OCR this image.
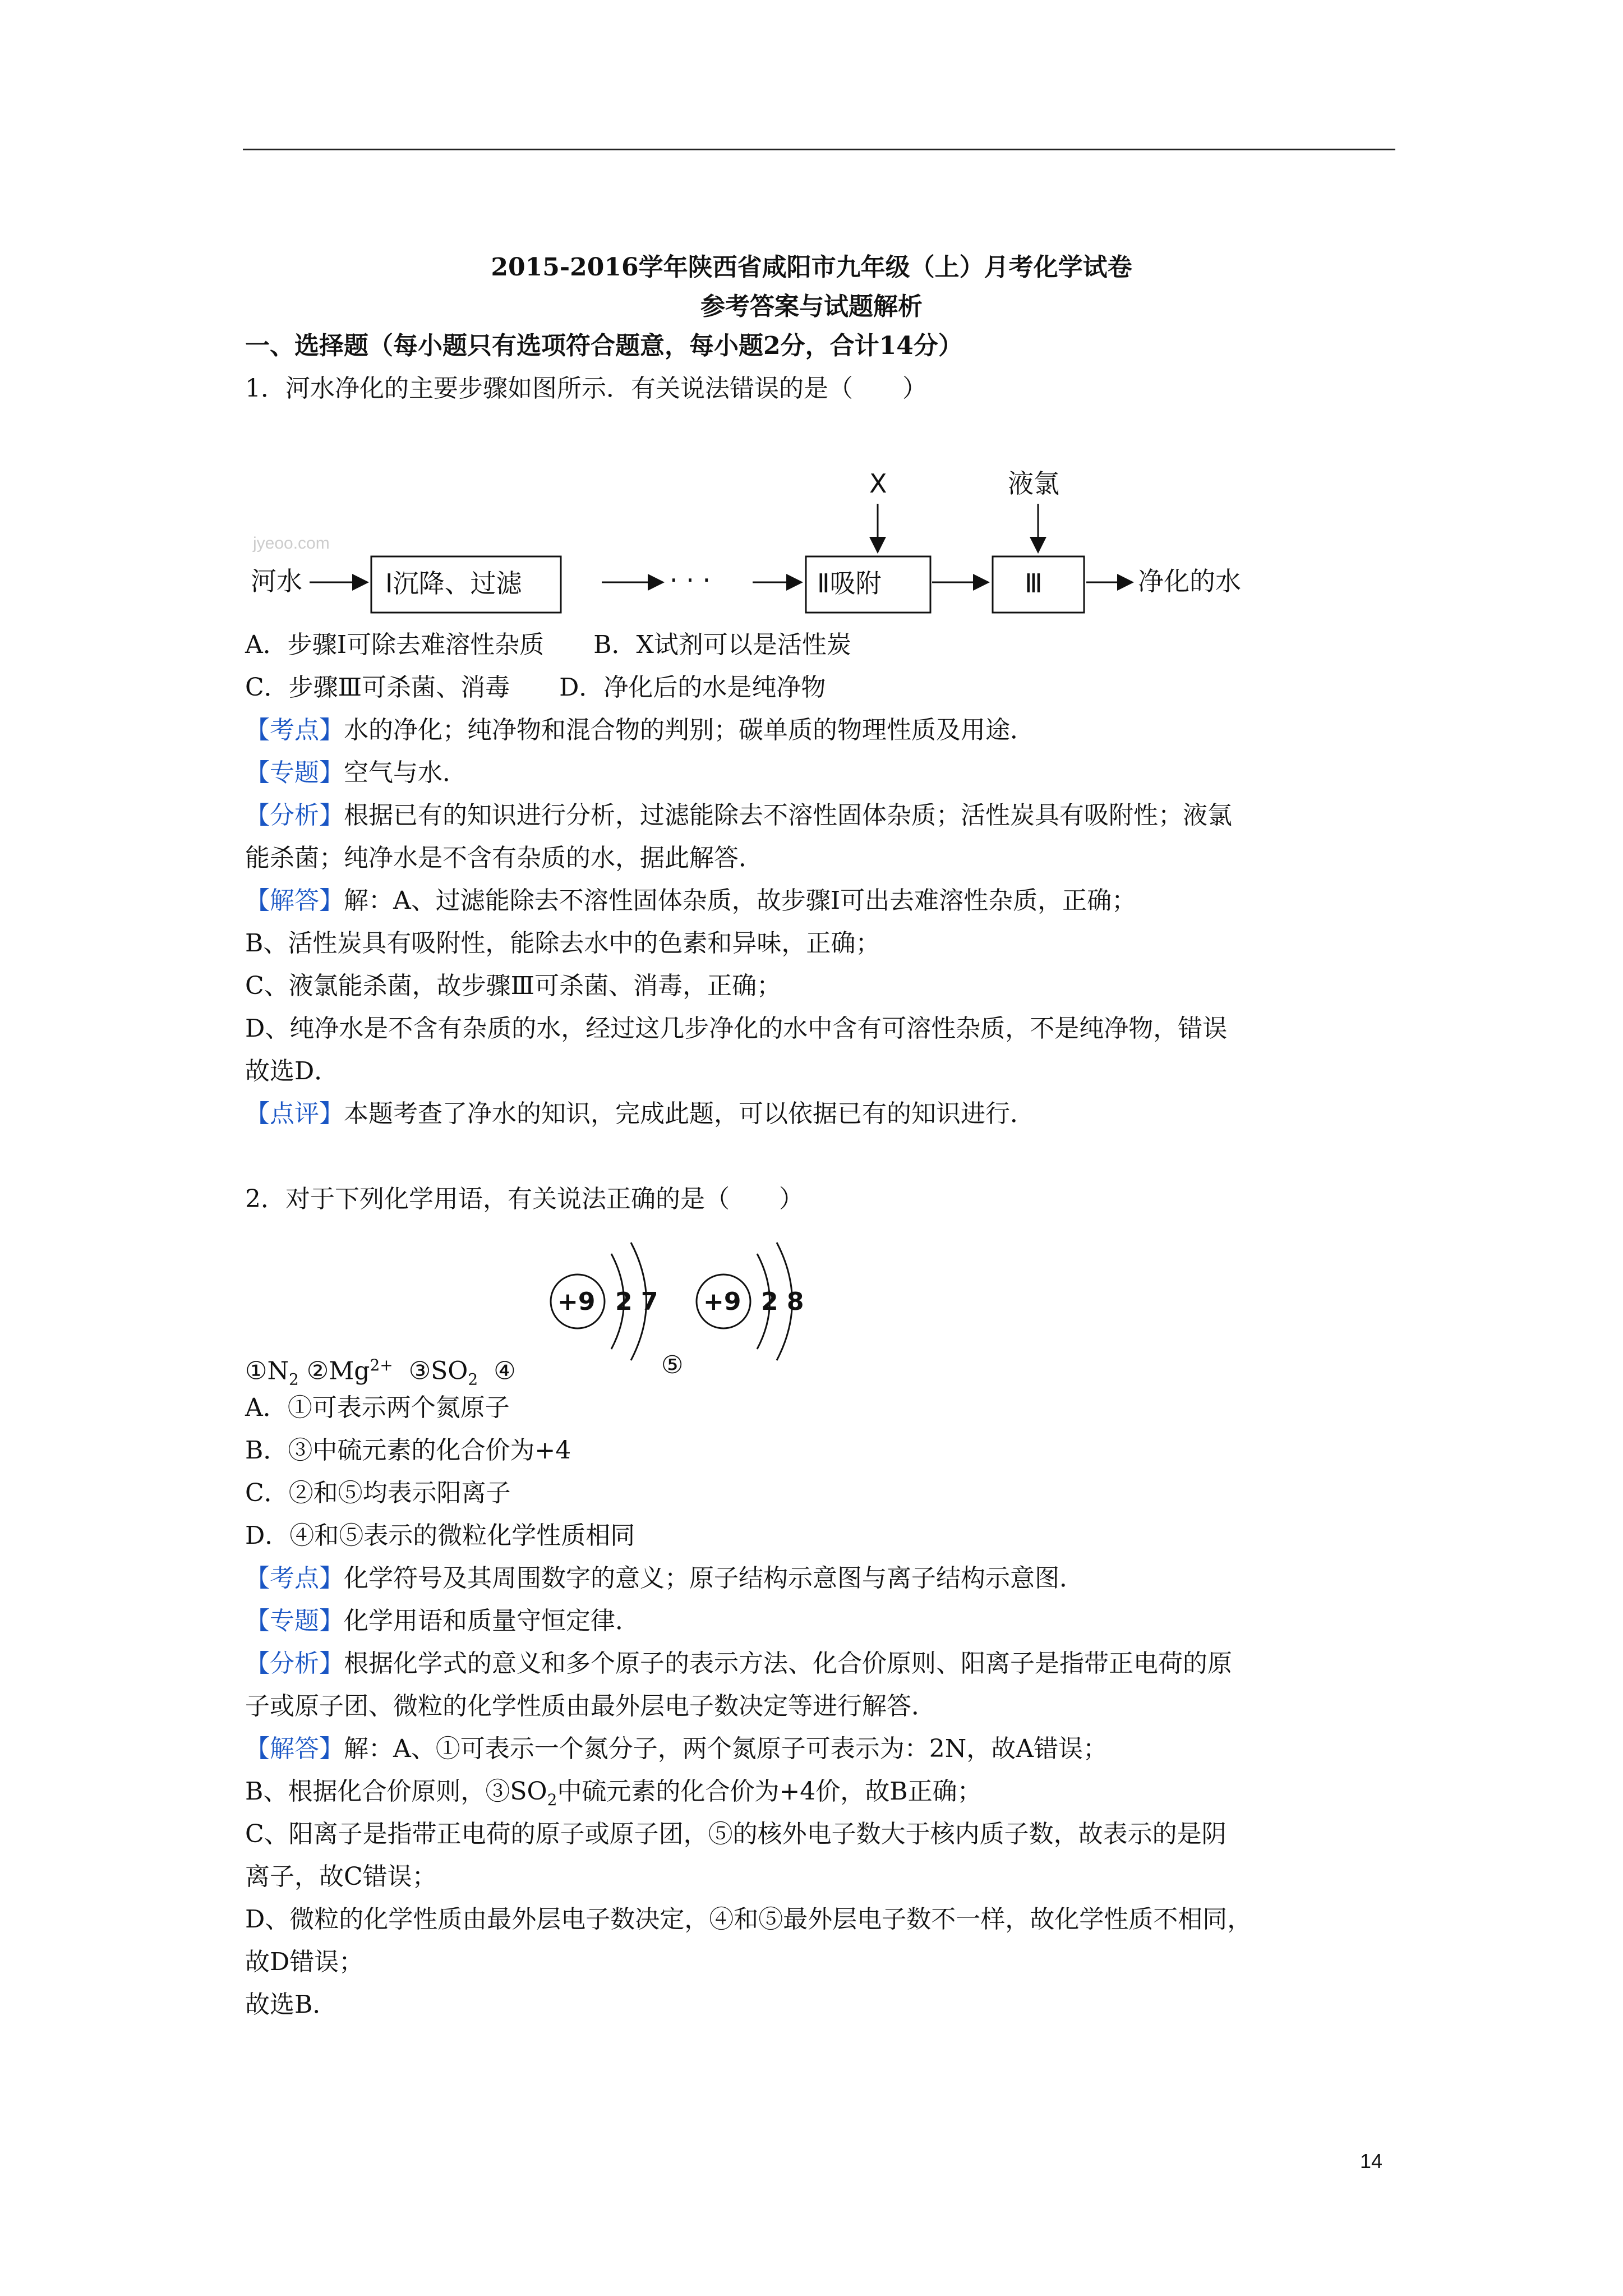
2015-2016学年陕西省咸阳市九年级（上）月考化学试卷
参考答案与试题解析
一、选择题（每小题只有选项符合题意，每小题2分，合计14分）
1．河水净化的主要步骤如图所示．有关说法错误的是（　　）
jyeoo.com
河水	Ⅰ沉降、过滤	· · ·	Ⅱ吸附
X
Ⅲ
液氯
净化的水
A．步骤Ⅰ可除去难溶性杂质　　B．X试剂可以是活性炭
C．步骤Ⅲ可杀菌、消毒　　D．净化后的水是纯净物
【考点】水的净化；纯净物和混合物的判别；碳单质的物理性质及用途．
【专题】空气与水．
【分析】根据已有的知识进行分析，过滤能除去不溶性固体杂质；活性炭具有吸附性；液氯
能杀菌；纯净水是不含有杂质的水，据此解答．
【解答】解：A、过滤能除去不溶性固体杂质，故步骤Ⅰ可出去难溶性杂质，正确；
B、活性炭具有吸附性，能除去水中的色素和异味，正确；
C、液氯能杀菌，故步骤Ⅲ可杀菌、消毒，正确；
D、纯净水是不含有杂质的水，经过这几步净化的水中含有可溶性杂质，不是纯净物，错误
故选D．
【点评】本题考查了净水的知识，完成此题，可以依据已有的知识进行．
2．对于下列化学用语，有关说法正确的是（　　）
+9 2 7 +9 2 8
$①N_2$ $②Mg^{2+}$ $③SO_2$ ④	⑤
A．①可表示两个氮原子
B．③中硫元素的化合价为+4
C．②和⑤均表示阳离子
D．④和⑤表示的微粒化学性质相同
【考点】化学符号及其周围数字的意义；原子结构示意图与离子结构示意图．
【专题】化学用语和质量守恒定律．
【分析】根据化学式的意义和多个原子的表示方法、化合价原则、阳离子是指带正电荷的原
子或原子团、微粒的化学性质由最外层电子数决定等进行解答．
【解答】解：A、①可表示一个氮分子，两个氮原子可表示为：2N，故A错误；
B、根据化合价原则，$③SO_2$中硫元素的化合价为+4价，故B正确；
C、阳离子是指带正电荷的原子或原子团，⑤的核外电子数大于核内质子数，故表示的是阴
离子，故C错误；
D、微粒的化学性质由最外层电子数决定，④和⑤最外层电子数不一样，故化学性质不相同，
故D错误；
故选B．
14
